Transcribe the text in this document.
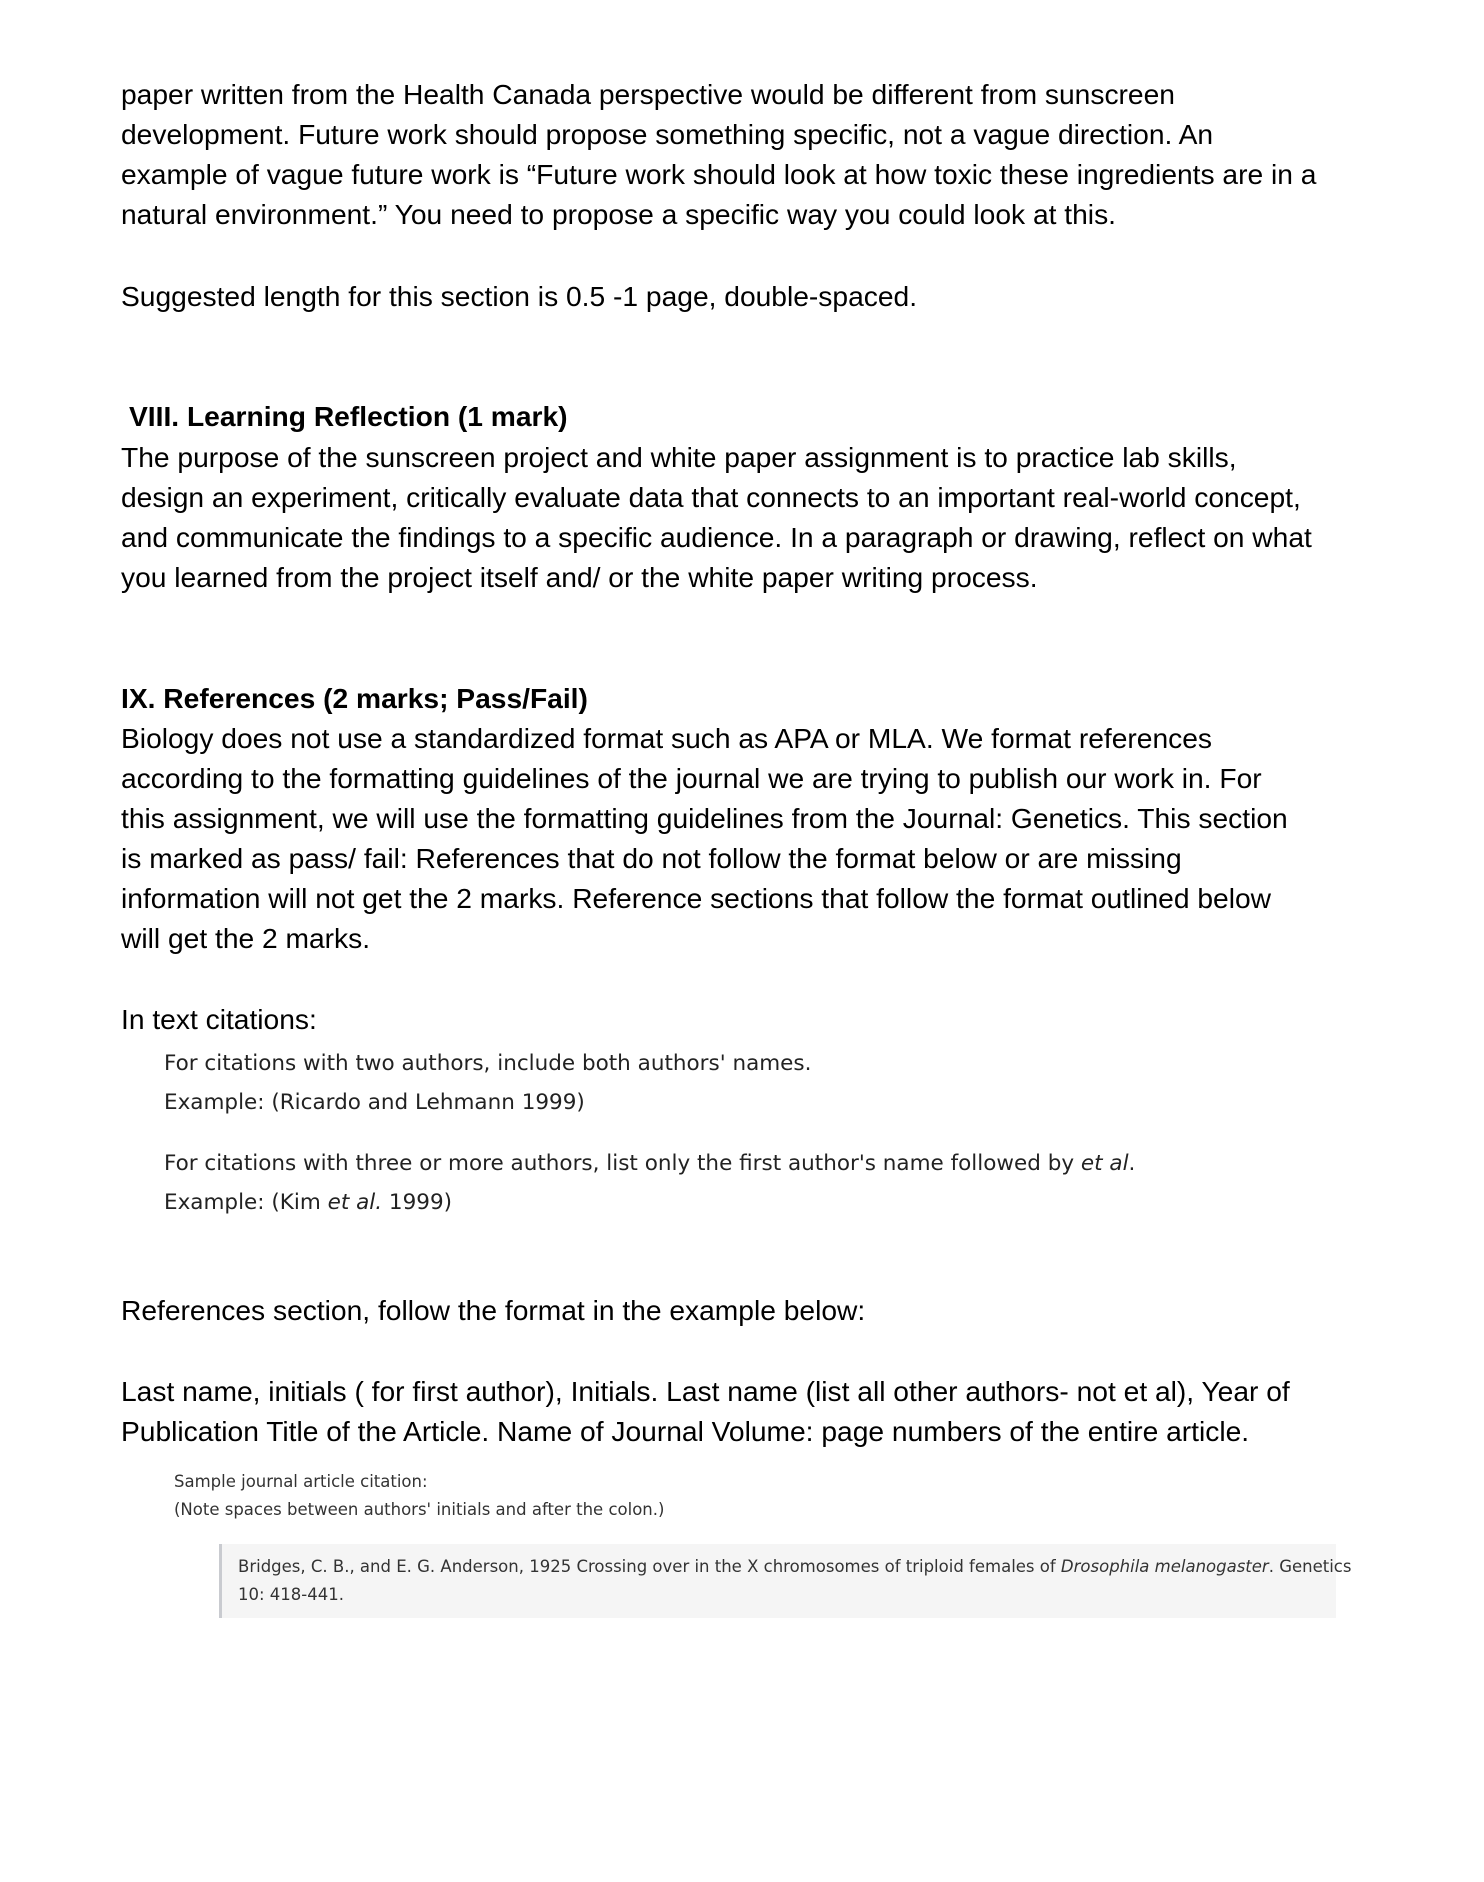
paper written from the Health Canada perspective would be different from sunscreen
development. Future work should propose something specific, not a vague direction. An
example of vague future work is “Future work should look at how toxic these ingredients are in a
natural environment.” You need to propose a specific way you could look at this.
Suggested length for this section is 0.5 -1 page, double-spaced.
VIII. Learning Reflection (1 mark)
The purpose of the sunscreen project and white paper assignment is to practice lab skills,
design an experiment, critically evaluate data that connects to an important real-world concept,
and communicate the findings to a specific audience. In a paragraph or drawing, reflect on what
you learned from the project itself and/ or the white paper writing process.
IX. References (2 marks; Pass/Fail)
Biology does not use a standardized format such as APA or MLA. We format references
according to the formatting guidelines of the journal we are trying to publish our work in. For
this assignment, we will use the formatting guidelines from the Journal: Genetics. This section
is marked as pass/ fail: References that do not follow the format below or are missing
information will not get the 2 marks. Reference sections that follow the format outlined below
will get the 2 marks.
In text citations:
For citations with two authors, include both authors' names.
Example: (Ricardo and Lehmann 1999)
For citations with three or more authors, list only the first author's name followed by et al.
Example: (Kim et al. 1999)
References section, follow the format in the example below:
Last name, initials ( for first author), Initials. Last name (list all other authors- not et al), Year of
Publication Title of the Article. Name of Journal Volume: page numbers of the entire article.
Sample journal article citation:
(Note spaces between authors' initials and after the colon.)
Bridges, C. B., and E. G. Anderson, 1925 Crossing over in the X chromosomes of triploid females of Drosophila melanogaster. Genetics
10: 418-441.
